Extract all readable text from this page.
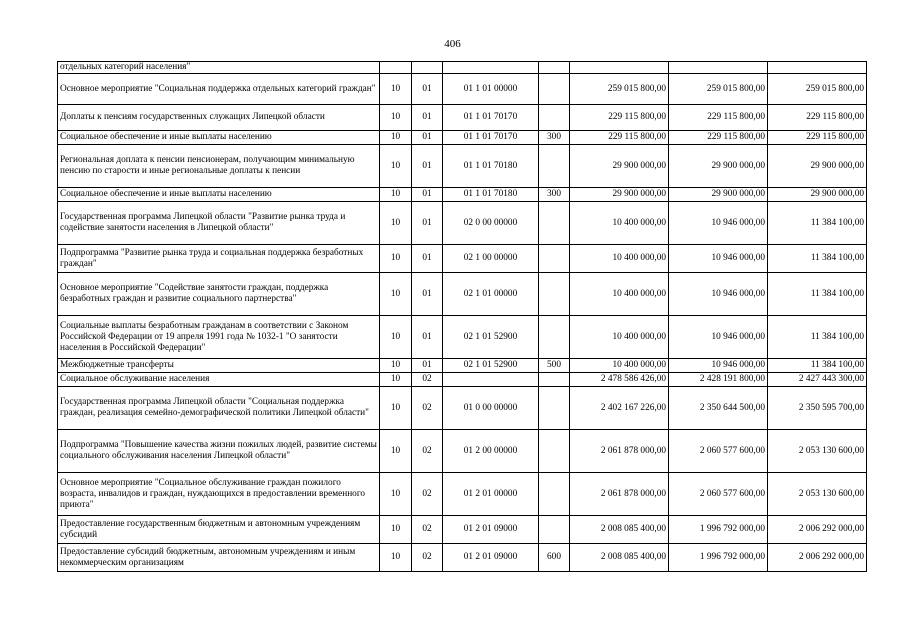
406
отдельных категорий населения"							
Основное мероприятие "Социальная поддержка отдельных категорий граждан"	10	01	01 1 01 00000		259 015 800,00	259 015 800,00	259 015 800,00
Доплаты к пенсиям государственных служащих Липецкой области	10	01	01 1 01 70170		229 115 800,00	229 115 800,00	229 115 800,00
Социальное обеспечение и иные выплаты населению	10	01	01 1 01 70170	300	229 115 800,00	229 115 800,00	229 115 800,00
Региональная доплата к пенсии пенсионерам, получающим минимальную пенсию по старости и иные региональные доплаты к пенсии	10	01	01 1 01 70180		29 900 000,00	29 900 000,00	29 900 000,00
Социальное обеспечение и иные выплаты населению	10	01	01 1 01 70180	300	29 900 000,00	29 900 000,00	29 900 000,00
Государственная программа Липецкой области "Развитие рынка труда и содействие занятости населения в Липецкой области"	10	01	02 0 00 00000		10 400 000,00	10 946 000,00	11 384 100,00
Подпрограмма "Развитие рынка труда и социальная поддержка безработных граждан"	10	01	02 1 00 00000		10 400 000,00	10 946 000,00	11 384 100,00
Основное мероприятие "Содействие занятости граждан, поддержка безработных граждан и развитие социального партнерства"	10	01	02 1 01 00000		10 400 000,00	10 946 000,00	11 384 100,00
Социальные выплаты безработным гражданам в соответствии с Законом Российской Федерации от 19 апреля 1991 года № 1032-1 "О занятости населения в Российской Федерации"	10	01	02 1 01 52900		10 400 000,00	10 946 000,00	11 384 100,00
Межбюджетные трансферты	10	01	02 1 01 52900	500	10 400 000,00	10 946 000,00	11 384 100,00
Социальное обслуживание населения	10	02			2 478 586 426,00	2 428 191 800,00	2 427 443 300,00
Государственная программа Липецкой области "Социальная поддержка граждан, реализация семейно-демографической политики Липецкой области"	10	02	01 0 00 00000		2 402 167 226,00	2 350 644 500,00	2 350 595 700,00
Подпрограмма "Повышение качества жизни пожилых людей, развитие системы социального обслуживания населения Липецкой области"	10	02	01 2 00 00000		2 061 878 000,00	2 060 577 600,00	2 053 130 600,00
Основное мероприятие "Социальное обслуживание граждан пожилого возраста, инвалидов и граждан, нуждающихся в предоставлении временного приюта"	10	02	01 2 01 00000		2 061 878 000,00	2 060 577 600,00	2 053 130 600,00
Предоставление государственным бюджетным и автономным учреждениям субсидий	10	02	01 2 01 09000		2 008 085 400,00	1 996 792 000,00	2 006 292 000,00
Предоставление субсидий бюджетным, автономным учреждениям и иным некоммерческим организациям	10	02	01 2 01 09000	600	2 008 085 400,00	1 996 792 000,00	2 006 292 000,00
